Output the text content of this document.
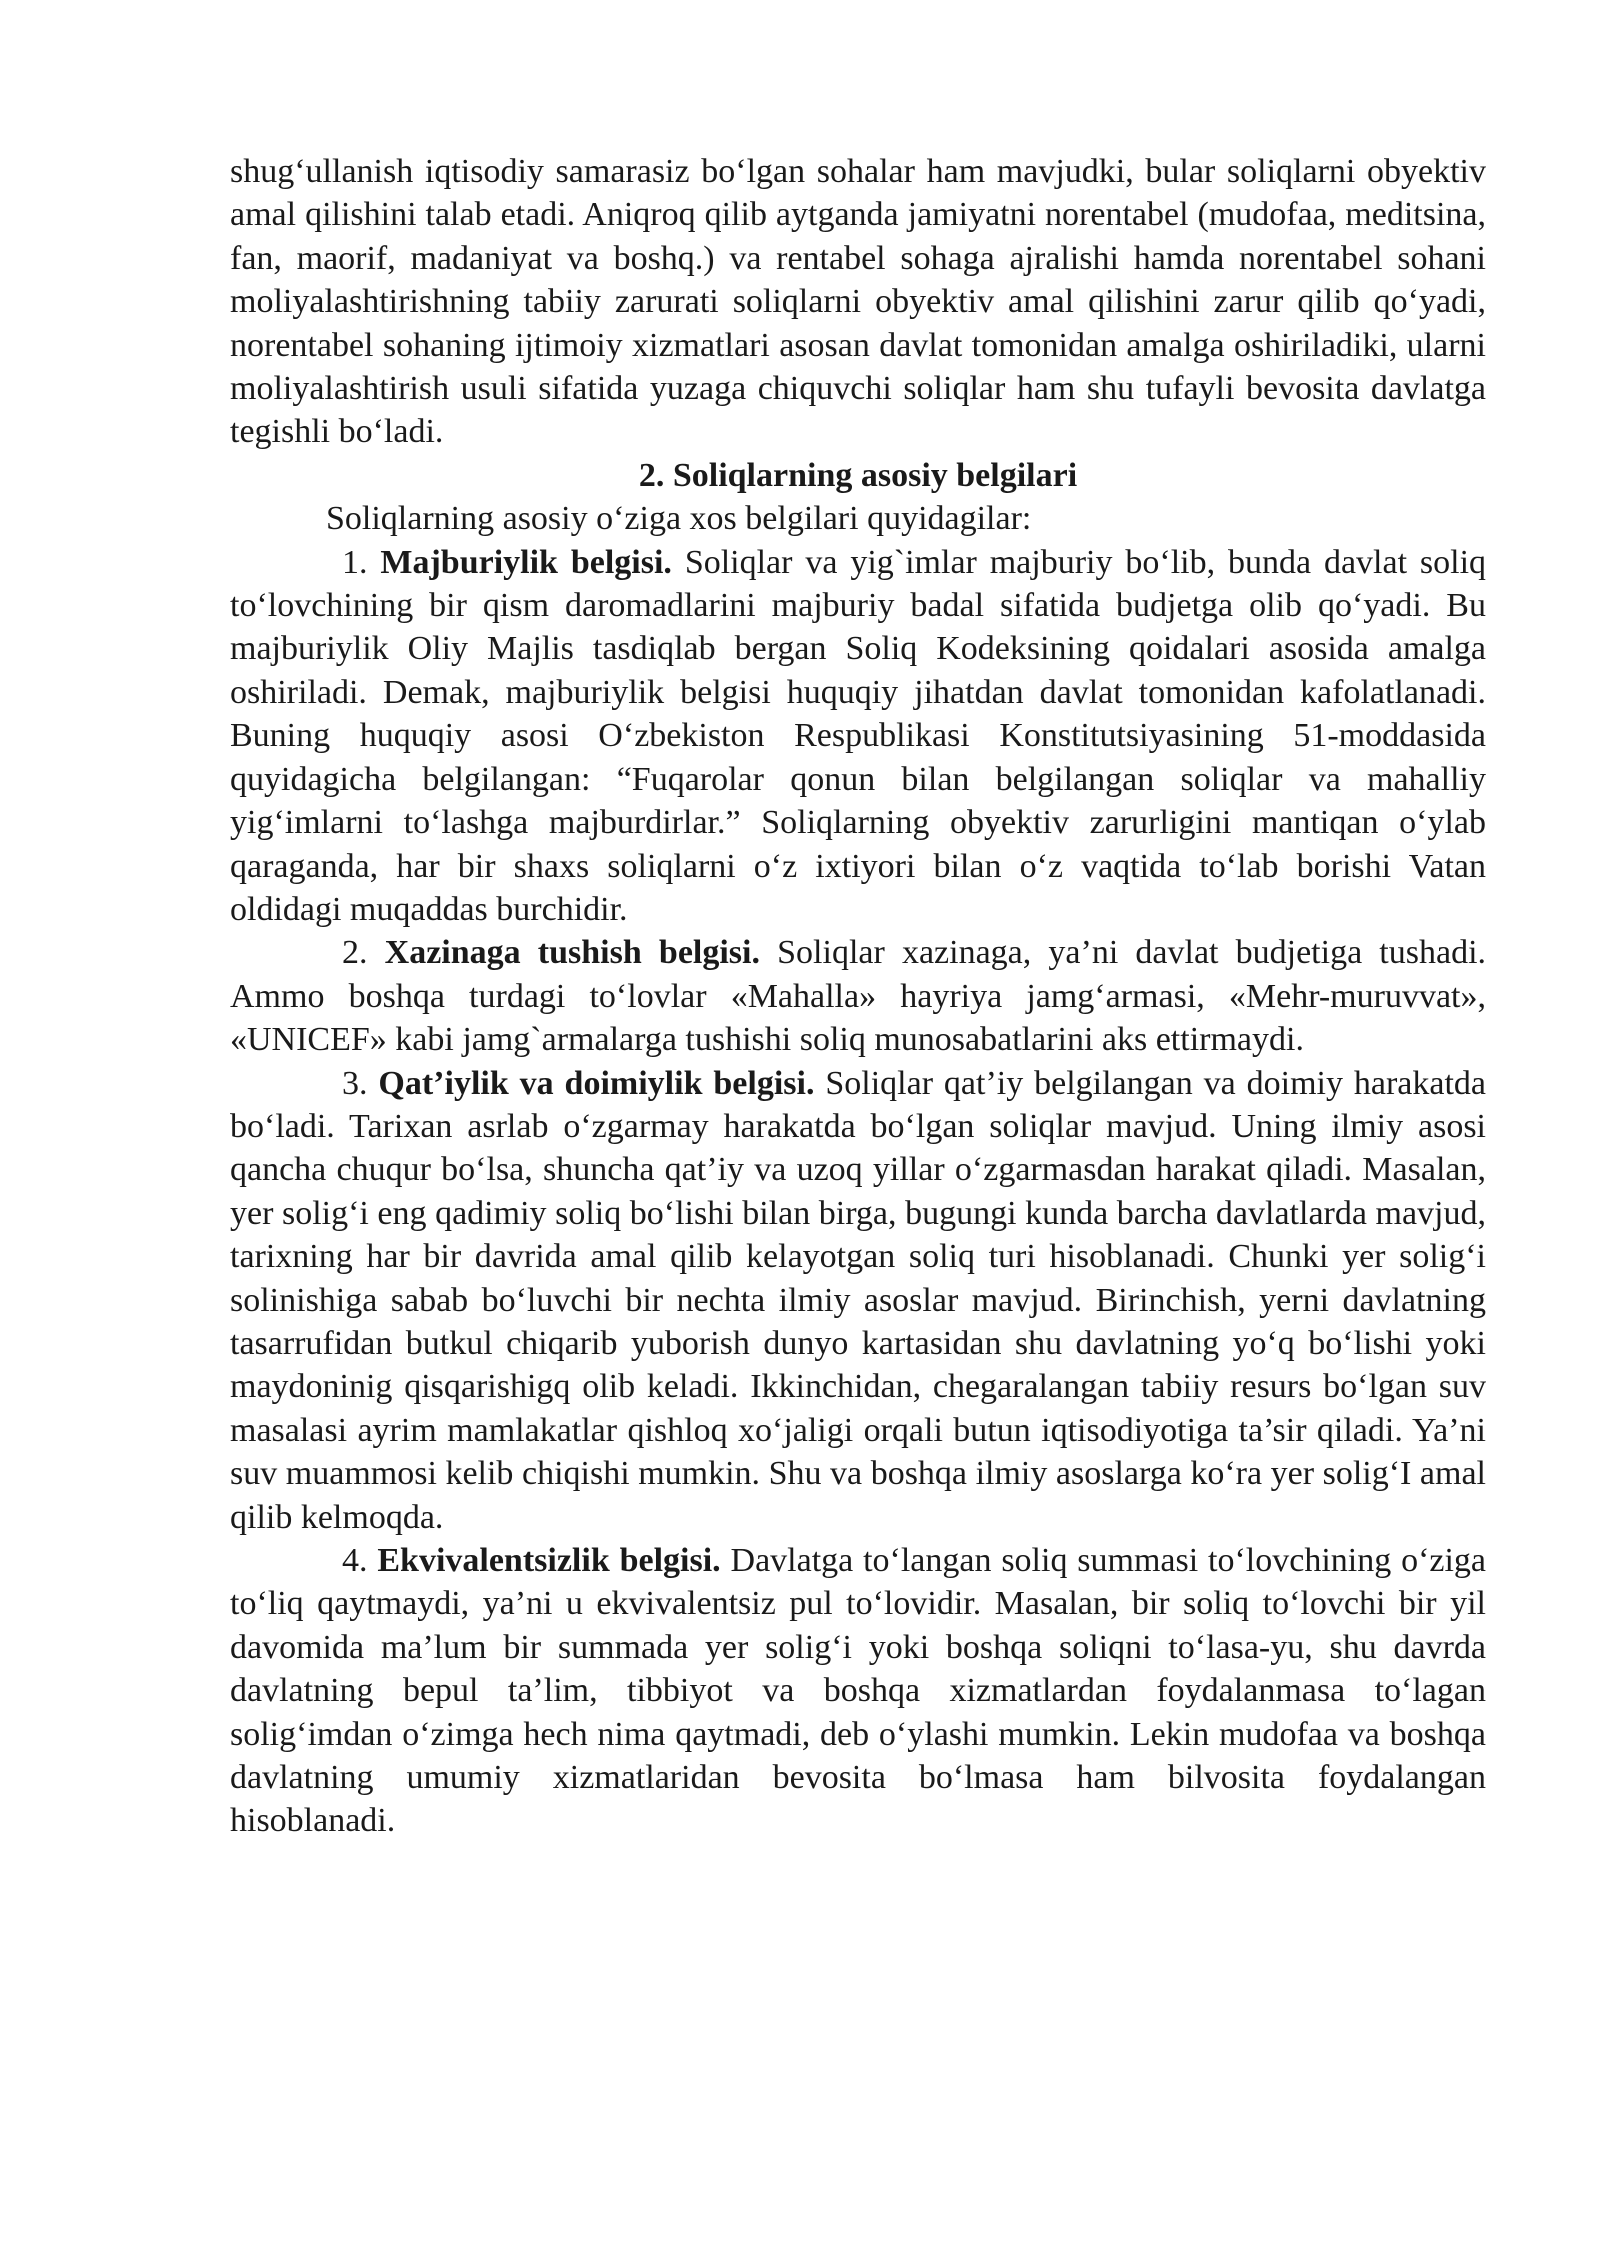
shug‘ullanish iqtisodiy samarasiz bo‘lgan sohalar ham mavjudki, bular soliqlarni obyektiv amal qilishini talab etadi. Aniqroq qilib aytganda jamiyatni norentabel (mudofaa, meditsina, fan, maorif, madaniyat va boshq.) va rentabel sohaga ajralishi hamda norentabel sohani moliyalashtirishning tabiiy zarurati soliqlarni obyektiv amal qilishini zarur qilib qo‘yadi, norentabel sohaning ijtimoiy xizmatlari asosan davlat tomonidan amalga oshiriladiki, ularni moliyalashtirish usuli sifatida yuzaga chiquvchi soliqlar ham shu tufayli bevosita davlatga tegishli bo‘ladi.

2. Soliqlarning asosiy belgilari

Soliqlarning asosiy o‘ziga xos belgilari quyidagilar:

1. Majburiylik belgisi. Soliqlar va yig`imlar majburiy bo‘lib, bunda davlat soliq to‘lovchining bir qism daromadlarini majburiy badal sifatida budjetga olib qo‘yadi. Bu majburiylik Oliy Majlis tasdiqlab bergan Soliq Kodeksining qoidalari asosida amalga oshiriladi. Demak, majburiylik belgisi huquqiy jihatdan davlat tomonidan kafolatlanadi. Buning huquqiy asosi O‘zbekiston Respublikasi Konstitutsiyasining 51-moddasida quyidagicha belgilangan: “Fuqarolar qonun bilan belgilangan soliqlar va mahalliy yig‘imlarni to‘lashga majburdirlar.” Soliqlarning obyektiv zarurligini mantiqan o‘ylab qaraganda, har bir shaxs soliqlarni o‘z ixtiyori bilan o‘z vaqtida to‘lab borishi Vatan oldidagi muqaddas burchidir.

2. Xazinaga tushish belgisi. Soliqlar xazinaga, ya’ni davlat budjetiga tushadi. Ammo boshqa turdagi to‘lovlar «Mahalla» hayriya jamg‘armasi, «Mehr-muruvvat», «UNICEF» kabi jamg`armalarga tushishi soliq munosabatlarini aks ettirmaydi.

3. Qat’iylik va doimiylik belgisi. Soliqlar qat’iy belgilangan va doimiy harakatda bo‘ladi. Tarixan asrlab o‘zgarmay harakatda bo‘lgan soliqlar mavjud. Uning ilmiy asosi qancha chuqur bo‘lsa, shuncha qat’iy va uzoq yillar o‘zgarmasdan harakat qiladi. Masalan, yer solig‘i eng qadimiy soliq bo‘lishi bilan birga, bugungi kunda barcha davlatlarda mavjud, tarixning har bir davrida amal qilib kelayotgan soliq turi hisoblanadi. Chunki yer solig‘i solinishiga sabab bo‘luvchi bir nechta ilmiy asoslar mavjud. Birinchish, yerni davlatning tasarrufidan butkul chiqarib yuborish dunyo kartasidan shu davlatning yo‘q bo‘lishi yoki maydoninig qisqarishigq olib keladi. Ikkinchidan, chegaralangan tabiiy resurs bo‘lgan suv masalasi ayrim mamlakatlar qishloq xo‘jaligi orqali butun iqtisodiyotiga ta’sir qiladi. Ya’ni suv muammosi kelib chiqishi mumkin. Shu va boshqa ilmiy asoslarga ko‘ra yer solig‘I amal qilib kelmoqda.

4. Ekvivalentsizlik belgisi. Davlatga to‘langan soliq summasi to‘lovchining o‘ziga to‘liq qaytmaydi, ya’ni u ekvivalentsiz pul to‘lovidir. Masalan, bir soliq to‘lovchi bir yil davomida ma’lum bir summada yer solig‘i yoki boshqa soliqni to‘lasa-yu, shu davrda davlatning bepul ta’lim, tibbiyot va boshqa xizmatlardan foydalanmasa to‘lagan solig‘imdan o‘zimga hech nima qaytmadi, deb o‘ylashi mumkin. Lekin mudofaa va boshqa davlatning umumiy xizmatlaridan bevosita bo‘lmasa ham bilvosita foydalangan hisoblanadi.
